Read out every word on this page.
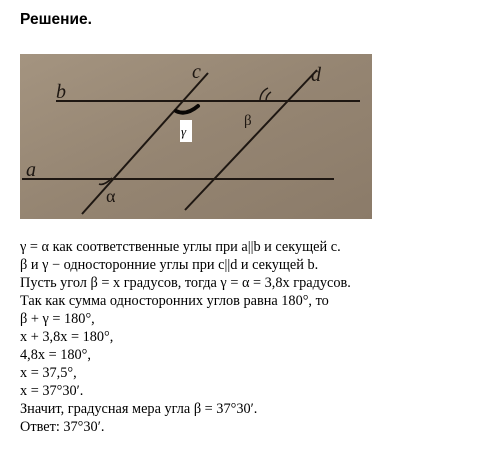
Решение.
b
a
c	d
α
β
γ
γ = α как соответственные углы при a||b и секущей c.
β и γ − односторонние углы при c||d и секущей b.
Пусть угол β = x градусов, тогда γ = α = 3,8x градусов.
Так как сумма односторонних углов равна 180°, то
β + γ = 180°,
x + 3,8x = 180°,
4,8x = 180°,
x = 37,5°,
x = 37°30′.
Значит, градусная мера угла β = 37°30′.
Ответ: 37°30′.
